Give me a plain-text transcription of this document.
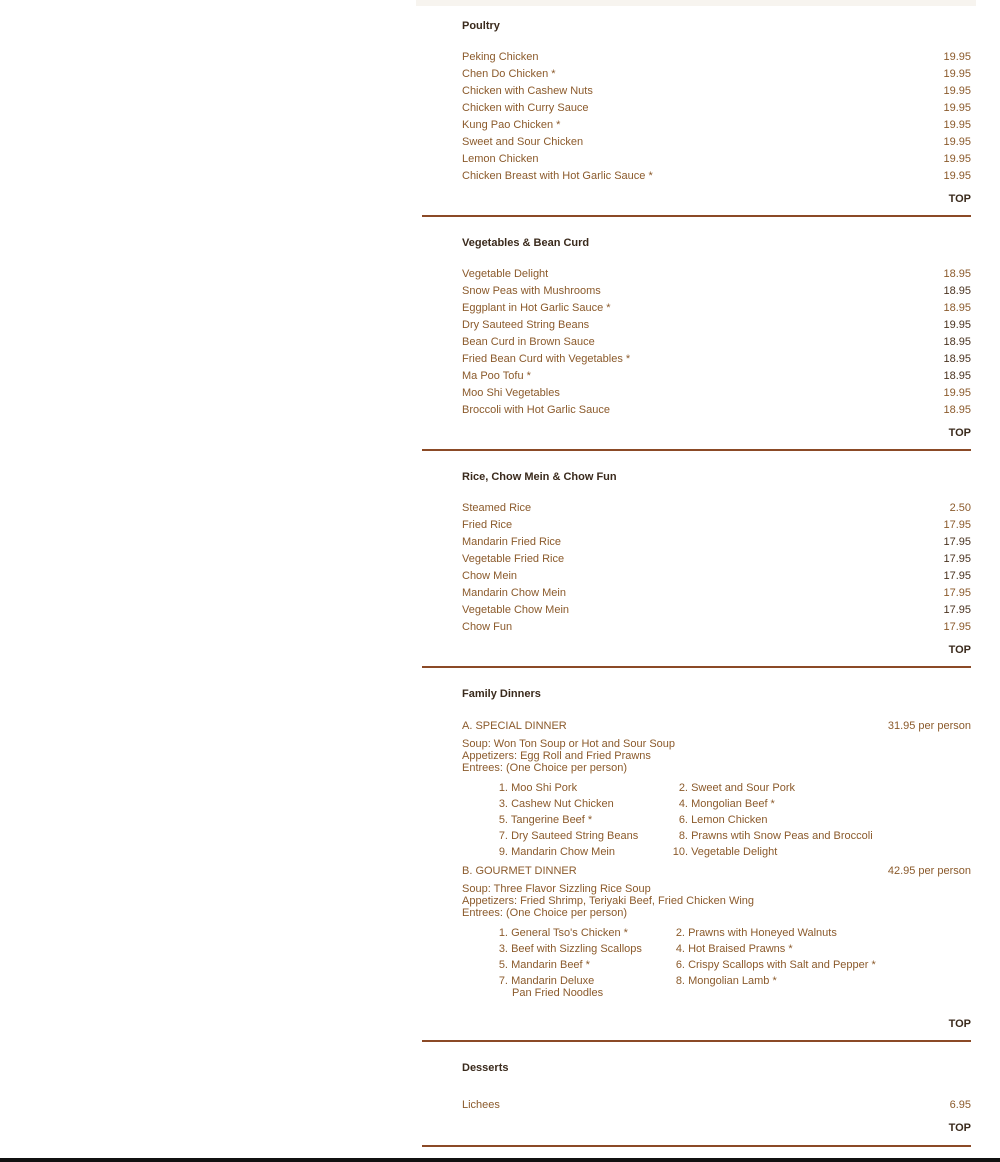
Poultry
Peking Chicken	19.95
Chen Do Chicken *	19.95
Chicken with Cashew Nuts	19.95
Chicken with Curry Sauce	19.95
Kung Pao Chicken *	19.95
Sweet and Sour Chicken	19.95
Lemon Chicken	19.95
Chicken Breast with Hot Garlic Sauce *	19.95
TOP
Vegetables & Bean Curd
Vegetable Delight	18.95
Snow Peas with Mushrooms	18.95
Eggplant in Hot Garlic Sauce *	18.95
Dry Sauteed String Beans	19.95
Bean Curd in Brown Sauce	18.95
Fried Bean Curd with Vegetables *	18.95
Ma Poo Tofu *	18.95
Moo Shi Vegetables	19.95
Broccoli with Hot Garlic Sauce	18.95
TOP
Rice, Chow Mein & Chow Fun
Steamed Rice	2.50
Fried Rice	17.95
Mandarin Fried Rice	17.95
Vegetable Fried Rice	17.95
Chow Mein	17.95
Mandarin Chow Mein	17.95
Vegetable Chow Mein	17.95
Chow Fun	17.95
TOP
Family Dinners
A. SPECIAL DINNER	31.95 per person
Soup: Won Ton Soup or Hot and Sour Soup
Appetizers: Egg Roll and Fried Prawns
Entrees: (One Choice per person)
1. Moo Shi Pork	2. Sweet and Sour Pork
3. Cashew Nut Chicken	4. Mongolian Beef *
5. Tangerine Beef *	6. Lemon Chicken
7. Dry Sauteed String Beans	8. Prawns wtih Snow Peas and Broccoli
9. Mandarin Chow Mein	10. Vegetable Delight
B. GOURMET DINNER	42.95 per person
Soup: Three Flavor Sizzling Rice Soup
Appetizers: Fried Shrimp, Teriyaki Beef, Fried Chicken Wing
Entrees: (One Choice per person)
1. General Tso's Chicken *	2. Prawns with Honeyed Walnuts
3. Beef with Sizzling Scallops	4. Hot Braised Prawns *
5. Mandarin Beef *	6. Crispy Scallops with Salt and Pepper *
7. Mandarin Deluxe
Pan Fried Noodles
8. Mongolian Lamb *
TOP
Desserts
Lichees	6.95
TOP
